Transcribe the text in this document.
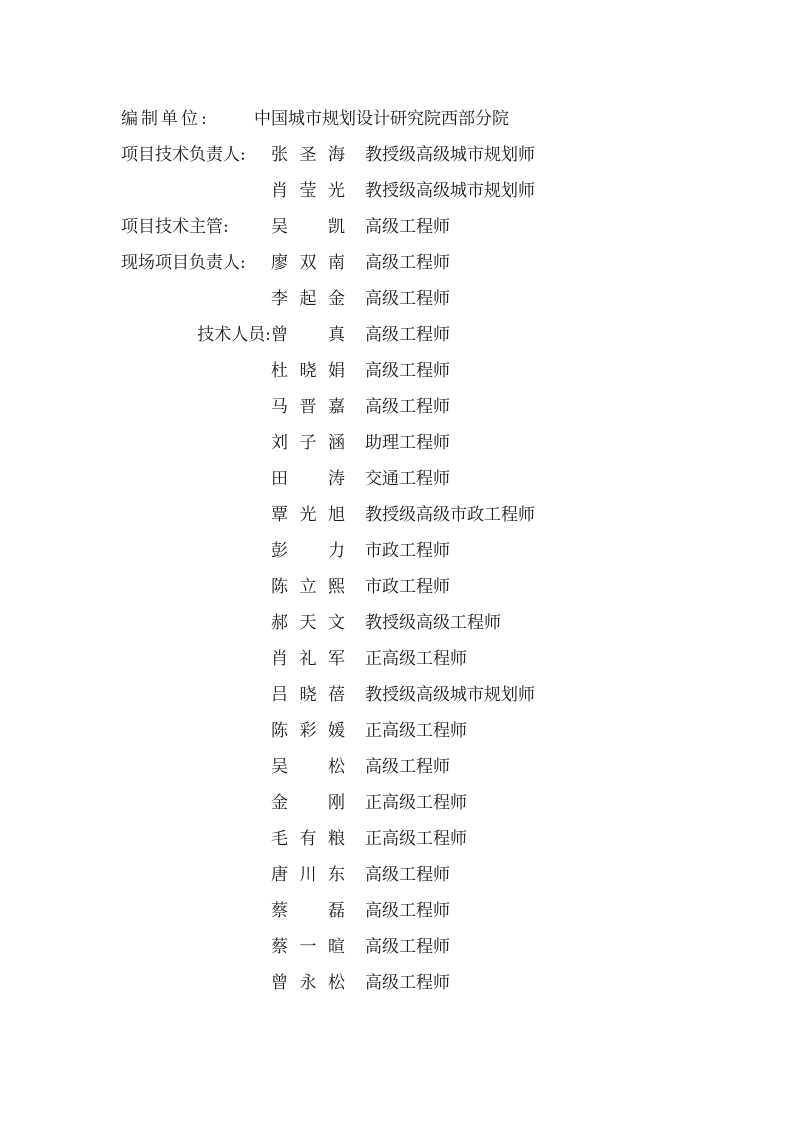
编制单位:	中国城市规划设计研究院西部分院
项目技术负责人:	张圣海 教授级高级城市规划师
肖莹光 教授级高级城市规划师
项目技术主管:	吴 凯 高级工程师
现场项目负责人:	廖双南 高级工程师
李起金 高级工程师
技术人员: 曾 真 高级工程师
杜晓娟 高级工程师
马晋嘉 高级工程师
刘子涵 助理工程师
田 涛 交通工程师
覃光旭 教授级高级市政工程师
彭 力 市政工程师
陈立熙 市政工程师
郝天文 教授级高级工程师
肖礼军 正高级工程师
吕晓蓓 教授级高级城市规划师
陈彩媛 正高级工程师
吴 松 高级工程师
金 刚 正高级工程师
毛有粮 正高级工程师
唐川东 高级工程师
蔡 磊 高级工程师
蔡一暄 高级工程师
曾永松 高级工程师
